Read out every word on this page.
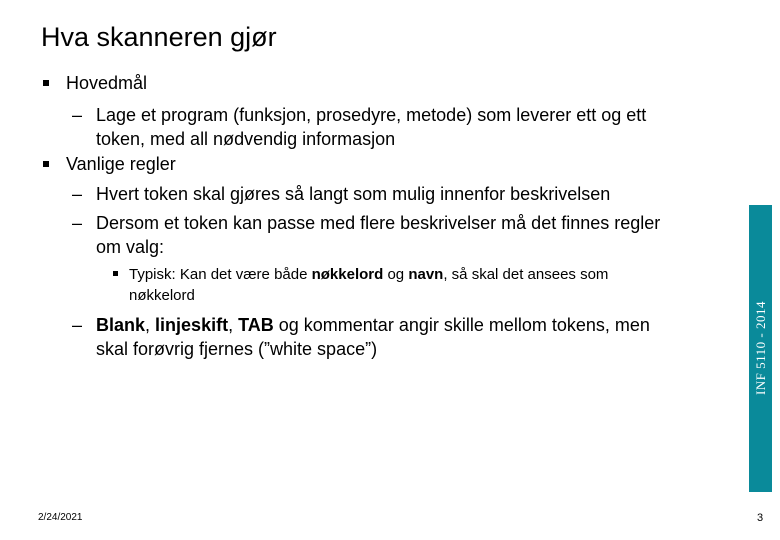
Hva skanneren gjør
Hovedmål
– Lage et program (funksjon, prosedyre, metode) som leverer ett og ett
token, med all nødvendig informasjon
Vanlige regler
– Hvert token skal gjøres så langt som mulig innenfor beskrivelsen
– Dersom et token kan passe med flere beskrivelser må det finnes regler
om valg:
Typisk: Kan det være både nøkkelord og navn, så skal det ansees som
nøkkelord
– Blank, linjeskift, TAB og kommentar angir skille mellom tokens, men
skal forøvrig fjernes (”white space”)	INF 5110 - 2014
2/24/2021	3
